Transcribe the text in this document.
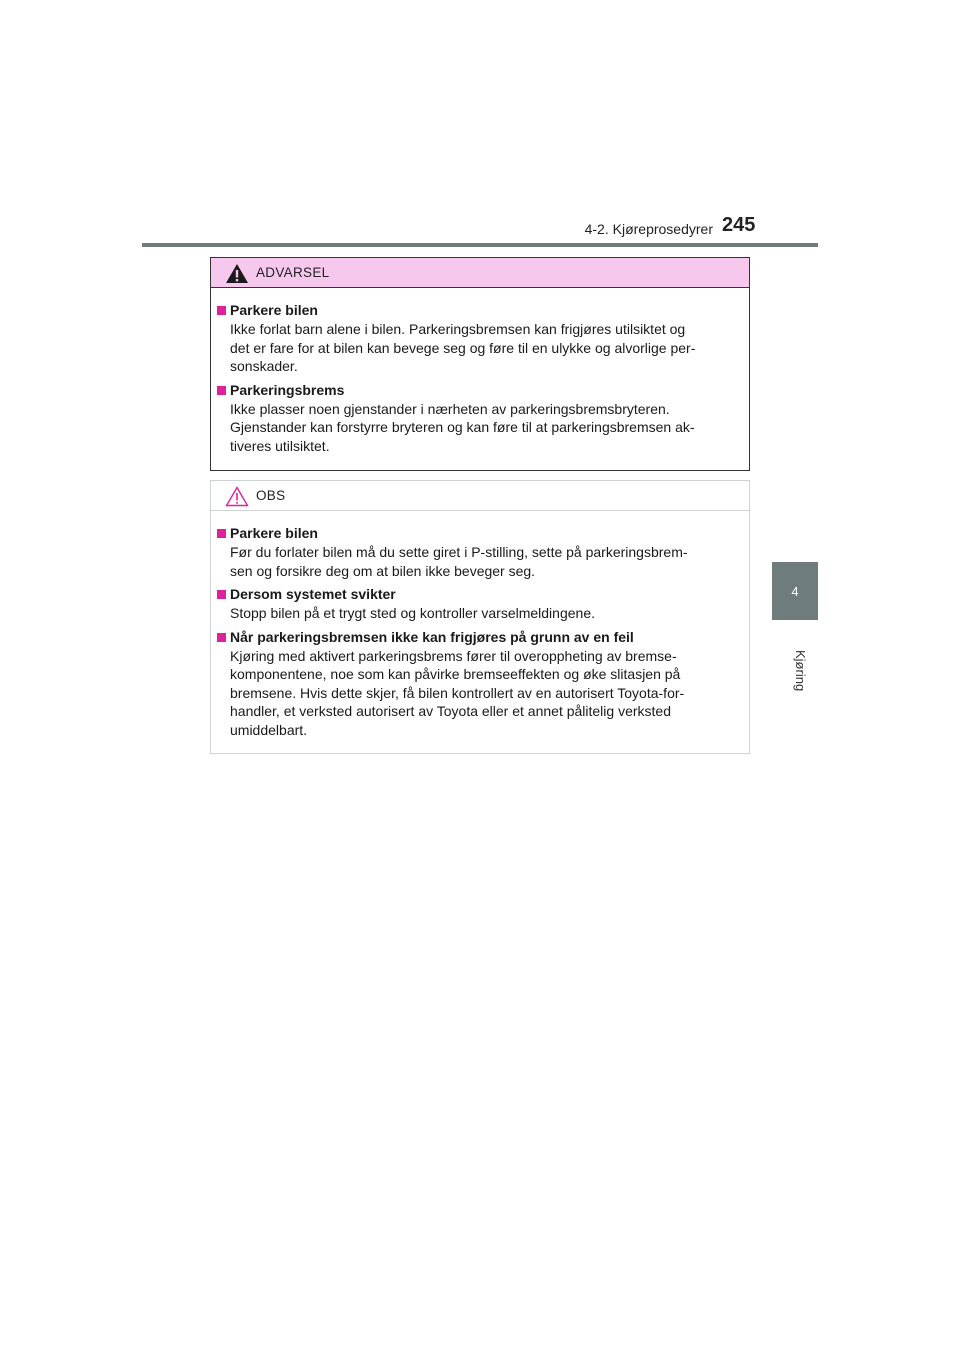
4-2. Kjøreprosedyrer 245
4
Kjøring
ADVARSEL
Parkere bilen
Ikke forlat barn alene i bilen. Parkeringsbremsen kan frigjøres utilsiktet og
det er fare for at bilen kan bevege seg og føre til en ulykke og alvorlige per-
sonskader.
Parkeringsbrems
Ikke plasser noen gjenstander i nærheten av parkeringsbremsbryteren.
Gjenstander kan forstyrre bryteren og kan føre til at parkeringsbremsen ak-
tiveres utilsiktet.
OBS
Parkere bilen
Før du forlater bilen må du sette giret i P-stilling, sette på parkeringsbrem-
sen og forsikre deg om at bilen ikke beveger seg.
Dersom systemet svikter
Stopp bilen på et trygt sted og kontroller varselmeldingene.
Når parkeringsbremsen ikke kan frigjøres på grunn av en feil
Kjøring med aktivert parkeringsbrems fører til overoppheting av bremse-
komponentene, noe som kan påvirke bremseeffekten og øke slitasjen på
bremsene. Hvis dette skjer, få bilen kontrollert av en autorisert Toyota-for-
handler, et verksted autorisert av Toyota eller et annet pålitelig verksted
umiddelbart.
